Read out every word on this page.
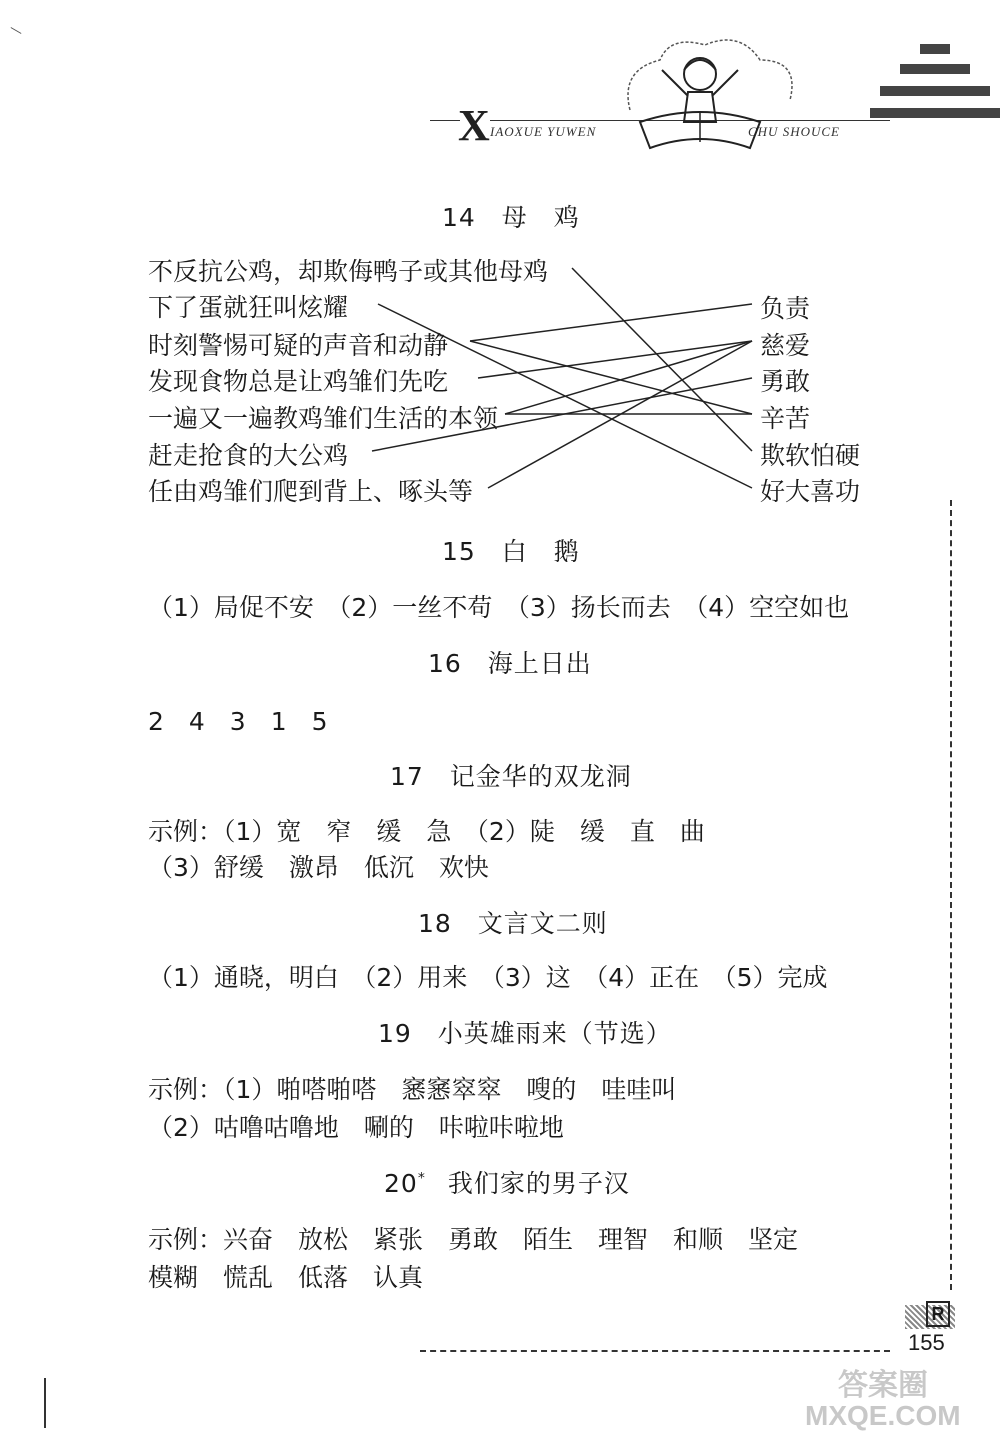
X IAOXUE YUWEN	CHU SHOUCE
14　母　鸡
不反抗公鸡，却欺侮鸭子或其他母鸡
下了蛋就狂叫炫耀
时刻警惕可疑的声音和动静
发现食物总是让鸡雏们先吃
一遍又一遍教鸡雏们生活的本领
赶走抢食的大公鸡
任由鸡雏们爬到背上、啄头等
负责
慈爱
勇敢
辛苦
欺软怕硬
好大喜功
15　白　鹅
（1）局促不安　（2）一丝不苟　（3）扬长而去　（4）空空如也
16　海上日出
2　4　3　1　5
17　记金华的双龙洞
示例：（1）宽　窄　缓　急　（2）陡　缓　直　曲
（3）舒缓　激昂　低沉　欢快
18　文言文二则
（1）通晓，明白　（2）用来　（3）这　（4）正在　（5）完成
19　小英雄雨来（节选）
示例：（1）啪嗒啪嗒　窸窸窣窣　嗖的　哇哇叫
（2）咕噜咕噜地　唰的　咔啦咔啦地
20* 我们家的男子汉
示例：兴奋　放松　紧张　勇敢　陌生　理智　和顺　坚定
模糊　慌乱　低落　认真
R
155
答案圈
MXQE.COM
